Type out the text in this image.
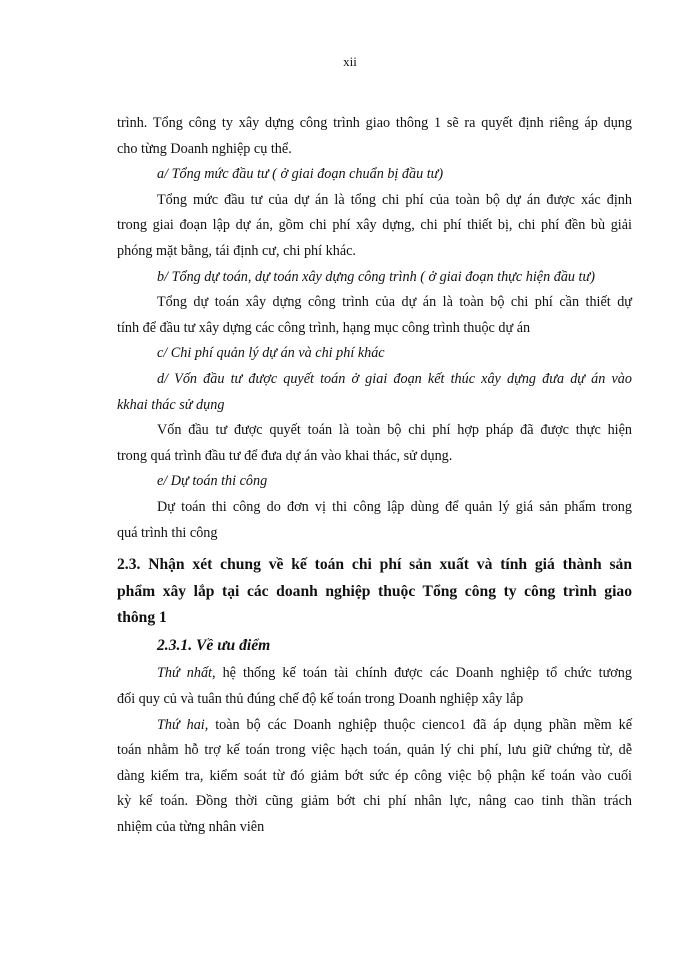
xii

trình. Tổng công ty xây dựng công trình giao thông 1 sẽ ra quyết định riêng áp dụng

cho từng Doanh nghiệp cụ thể.

a/ Tổng mức đầu tư ( ở giai đoạn chuẩn bị đầu tư)

Tổng mức đầu tư của dự án là tổng chi phí của toàn bộ dự án được xác định

trong giai đoạn lập dự án, gồm chi phí xây dựng, chi phí thiết bị, chi phí đền bù giải

phóng mặt bằng, tái định cư, chi phí khác.

b/ Tổng dự toán, dự toán xây dựng công trình ( ở giai đoạn thực hiện đầu tư)

Tổng dự toán xây dựng công trình của dự án là toàn bộ chi phí cần thiết dự

tính để đầu tư xây dựng các công trình, hạng mục công trình thuộc dự án

c/ Chi phí quản lý dự án và chi phí khác

d/ Vốn đầu tư được quyết toán ở giai đoạn kết thúc xây dựng đưa dự án vào

kkhai thác sử dụng

Vốn đầu tư được quyết toán là toàn bộ chi phí hợp pháp đã được thực hiện

trong quá trình đầu tư để đưa dự án vào khai thác, sử dụng.

e/ Dự toán thi công

Dự toán thi công do đơn vị thi công lập dùng để quản lý giá sản phẩm trong

quá trình thi công

2.3. Nhận xét chung về kế toán chi phí sản xuất và tính giá thành sản

phẩm xây lắp tại các doanh nghiệp thuộc Tổng công ty công trình giao

thông 1

2.3.1. Về ưu điểm

Thứ nhất, hệ thống kế toán tài chính được các Doanh nghiệp tổ chức tương

đối quy củ và tuân thủ đúng chế độ kế toán trong Doanh nghiệp xây lắp

Thứ hai, toàn bộ các Doanh nghiệp thuộc cienco1 đã áp dụng phần mềm kế

toán nhằm hỗ trợ kế toán trong việc hạch toán, quản lý chi phí, lưu giữ chứng từ, dễ

dàng kiểm tra, kiểm soát từ đó giảm bớt sức ép công việc bộ phận kế toán vào cuối

kỳ kế toán. Đồng thời cũng giảm bớt chi phí nhân lực, nâng cao tinh thần trách

nhiệm của từng nhân viên
